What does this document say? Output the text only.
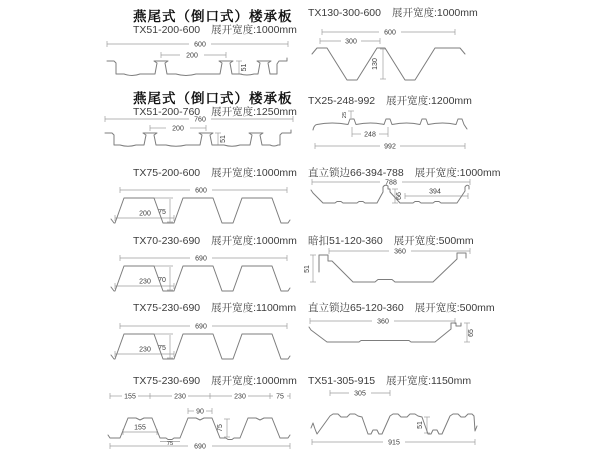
燕尾式（倒口式）楼承板
TX51-200-600 展开宽度:1000mm
600
200
51
燕尾式（倒口式）楼承板
TX51-200-760 展开宽度:1250mm
760
200
51
TX75-200-600 展开宽度:1000mm
600
75
200
TX70-230-690 展开宽度:1000mm
690
70
230
TX75-230-690 展开宽度:1100mm
690
75
230
TX75-230-690 展开宽度:1000mm
155	230	230	75
90
155
75
75
690
TX130-300-600 展开宽度:1000mm
600
300
130
TX25-248-992 展开宽度:1200mm
25
248
992
直立锁边66-394-788 展开宽度:1000mm
788
66
394
暗扣51-120-360 展开宽度:500mm
360
51
直立锁边65-120-360 展开宽度:500mm
360
65
TX51-305-915 展开宽度:1150mm
305
51
915
